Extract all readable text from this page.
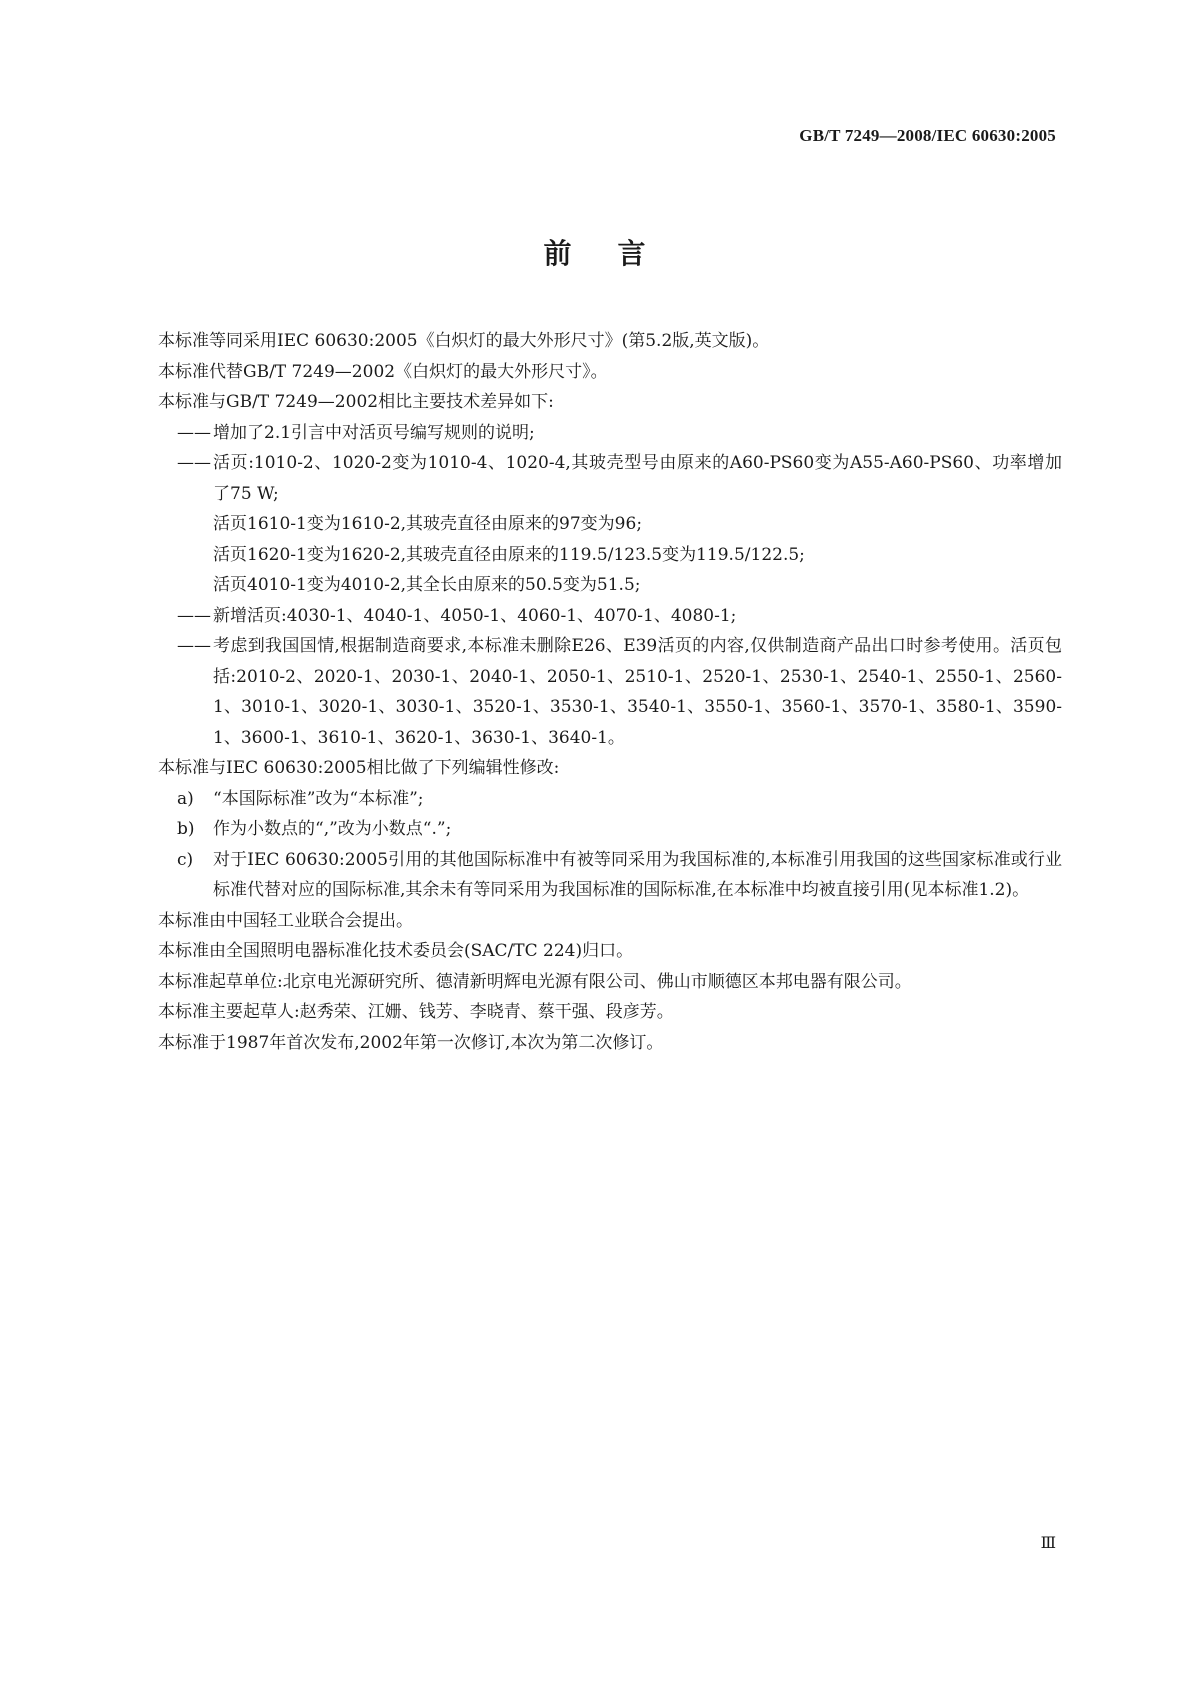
GB/T 7249—2008/IEC 60630:2005
前 言
本标准等同采用IEC 60630:2005《白炽灯的最大外形尺寸》(第5.2版,英文版)。
本标准代替GB/T 7249—2002《白炽灯的最大外形尺寸》。
本标准与GB/T 7249—2002相比主要技术差异如下:
—— 增加了2.1引言中对活页号编写规则的说明;
—— 活页:1010-2、1020-2变为1010-4、1020-4,其玻壳型号由原来的A60-PS60变为A55-A60-PS60、功率增加了75 W;
活页1610-1变为1610-2,其玻壳直径由原来的97变为96;
活页1620-1变为1620-2,其玻壳直径由原来的119.5/123.5变为119.5/122.5;
活页4010-1变为4010-2,其全长由原来的50.5变为51.5;
—— 新增活页:4030-1、4040-1、4050-1、4060-1、4070-1、4080-1;
—— 考虑到我国国情,根据制造商要求,本标准未删除E26、E39活页的内容,仅供制造商产品出口时参考使用。活页包括:2010-2、2020-1、2030-1、2040-1、2050-1、2510-1、2520-1、2530-1、2540-1、2550-1、2560-1、3010-1、3020-1、3030-1、3520-1、3530-1、3540-1、3550-1、3560-1、3570-1、3580-1、3590-1、3600-1、3610-1、3620-1、3630-1、3640-1。
本标准与IEC 60630:2005相比做了下列编辑性修改:
a) “本国际标准”改为“本标准”;
b) 作为小数点的“,”改为小数点“.”;
c) 对于IEC 60630:2005引用的其他国际标准中有被等同采用为我国标准的,本标准引用我国的这些国家标准或行业标准代替对应的国际标准,其余未有等同采用为我国标准的国际标准,在本标准中均被直接引用(见本标准1.2)。
本标准由中国轻工业联合会提出。
本标准由全国照明电器标准化技术委员会(SAC/TC 224)归口。
本标准起草单位:北京电光源研究所、德清新明辉电光源有限公司、佛山市顺德区本邦电器有限公司。
本标准主要起草人:赵秀荣、江姗、钱芳、李晓青、蔡干强、段彦芳。
本标准于1987年首次发布,2002年第一次修订,本次为第二次修订。
Ⅲ
